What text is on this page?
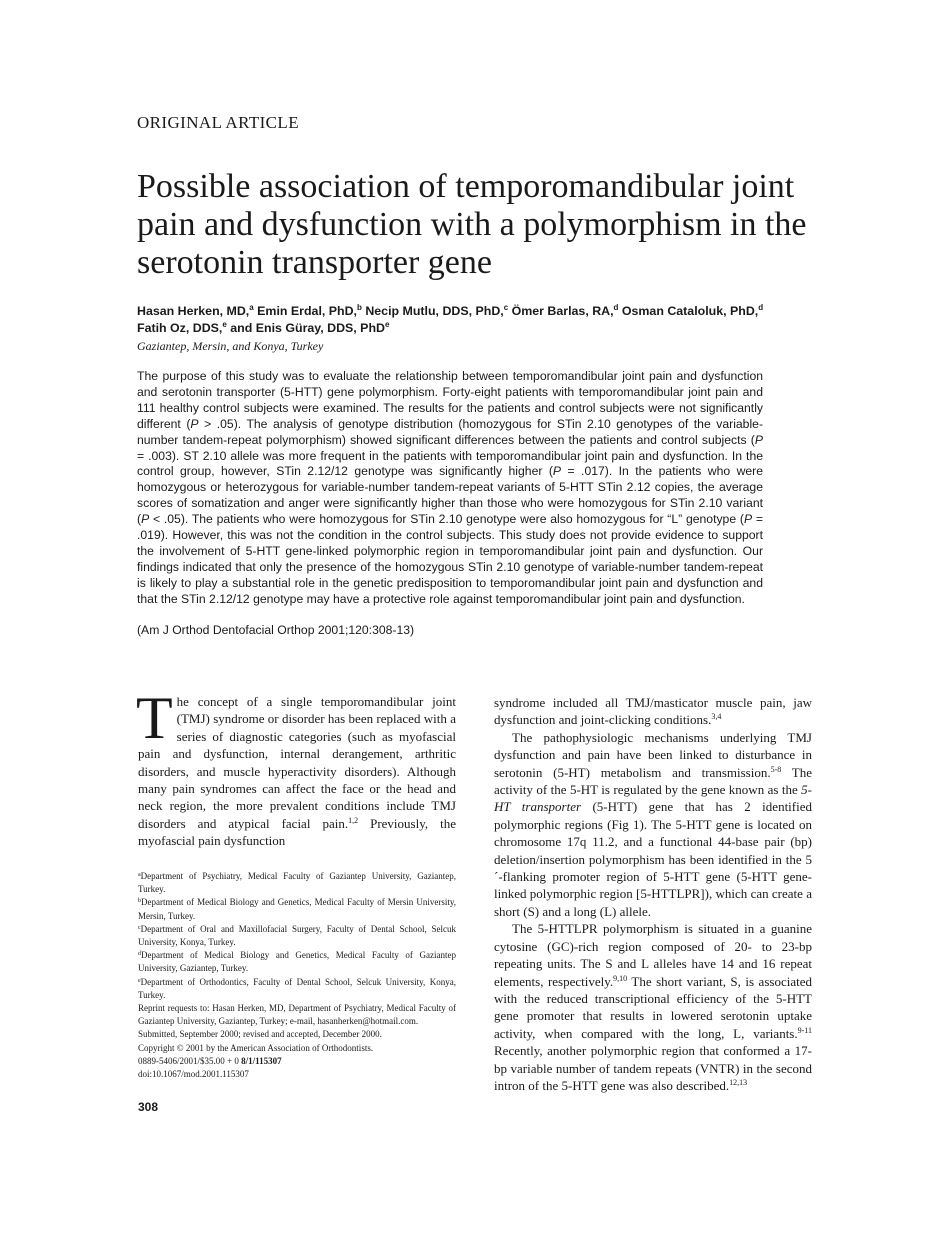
ORIGINAL ARTICLE
Possible association of temporomandibular joint pain and dysfunction with a polymorphism in the serotonin transporter gene
Hasan Herken, MD,$^a$ Emin Erdal, PhD,$^b$ Necip Mutlu, DDS, PhD,$^c$ Ömer Barlas, RA,$^d$ Osman Cataloluk, PhD,$^d$
Fatih Oz, DDS,$^e$ and Enis Güray, DDS, PhD$^e$
Gaziantep, Mersin, and Konya, Turkey

The purpose of this study was to evaluate the relationship between temporomandibular joint pain and dysfunction and serotonin transporter (5-HTT) gene polymorphism. Forty-eight patients with temporomandibular joint pain and 111 healthy control subjects were examined. The results for the patients and control subjects were not significantly different (P > .05). The analysis of genotype distribution (homozygous for STin 2.10 genotypes of the variable-number tandem-repeat polymorphism) showed significant differences between the patients and control subjects (P = .003). ST 2.10 allele was more frequent in the patients with temporomandibular joint pain and dysfunction. In the control group, however, STin 2.12/12 genotype was significantly higher (P = .017). In the patients who were homozygous or heterozygous for variable-number tandem-repeat variants of 5-HTT STin 2.12 copies, the average scores of somatization and anger were significantly higher than those who were homozygous for STin 2.10 variant (P < .05). The patients who were homozygous for STin 2.10 genotype were also homozygous for “L” genotype (P = .019). However, this was not the condition in the control subjects. This study does not provide evidence to support the involvement of 5-HTT gene-linked polymorphic region in temporomandibular joint pain and dysfunction. Our findings indicated that only the presence of the homozygous STin 2.10 genotype of variable-number tandem-repeat is likely to play a substantial role in the genetic predisposition to temporomandibular joint pain and dysfunction and that the STin 2.12/12 genotype may have a protective role against temporomandibular joint pain and dysfunction.

(Am J Orthod Dentofacial Orthop 2001;120:308-13)
T he concept of a single temporomandibular joint (TMJ) syndrome or disorder has been replaced with a series of diagnostic categories (such as myofascial pain and dysfunction, internal derangement, arthritic disorders, and muscle hyperactivity disorders). Although many pain syndromes can affect the face or the head and neck region, the more prevalent conditions include TMJ disorders and atypical facial pain.$^{1,2}$ Previously, the myofascial pain dysfunction

syndrome included all TMJ/masticator muscle pain, jaw dysfunction and joint-clicking conditions.$^{3,4}$

The pathophysiologic mechanisms underlying TMJ dysfunction and pain have been linked to disturbance in serotonin (5-HT) metabolism and transmission.$^{5-8}$ The activity of the 5-HT is regulated by the gene known as the 5-HT transporter (5-HTT) gene that has 2 identified polymorphic regions (Fig 1). The 5-HTT gene is located on chromosome 17q 11.2, and a functional 44-base pair (bp) deletion/insertion polymorphism has been identified in the 5´-flanking promoter region of 5-HTT gene (5-HTT gene-linked polymorphic region [5-HTTLPR]), which can create a short (S) and a long (L) allele.

The 5-HTTLPR polymorphism is situated in a guanine cytosine (GC)-rich region composed of 20- to 23-bp repeating units. The S and L alleles have 14 and 16 repeat elements, respectively.$^{9,10}$ The short variant, S, is associated with the reduced transcriptional efficiency of the 5-HTT gene promoter that results in lowered serotonin uptake activity, when compared with the long, L, variants.$^{9-11}$ Recently, another polymorphic region that conformed a 17-bp variable number of tandem repeats (VNTR) in the second intron of the 5-HTT gene was also described.$^{12,13}$

$^a$Department of Psychiatry, Medical Faculty of Gaziantep University, Gaziantep, Turkey.

$^b$Department of Medical Biology and Genetics, Medical Faculty of Mersin University, Mersin, Turkey.

$^c$Department of Oral and Maxillofacial Surgery, Faculty of Dental School, Selcuk University, Konya, Turkey.

$^d$Department of Medical Biology and Genetics, Medical Faculty of Gaziantep University, Gaziantep, Turkey.

$^e$Department of Orthodontics, Faculty of Dental School, Selcuk University, Konya, Turkey.

Reprint requests to: Hasan Herken, MD, Department of Psychiatry, Medical Faculty of Gaziantep University, Gaziantep, Turkey; e-mail, hasanherken@hotmail.com.

Submitted, September 2000; revised and accepted, December 2000.

Copyright © 2001 by the American Association of Orthodontists.

0889-5406/2001/$35.00 + 0 8/1/115307

doi:10.1067/mod.2001.115307

308
